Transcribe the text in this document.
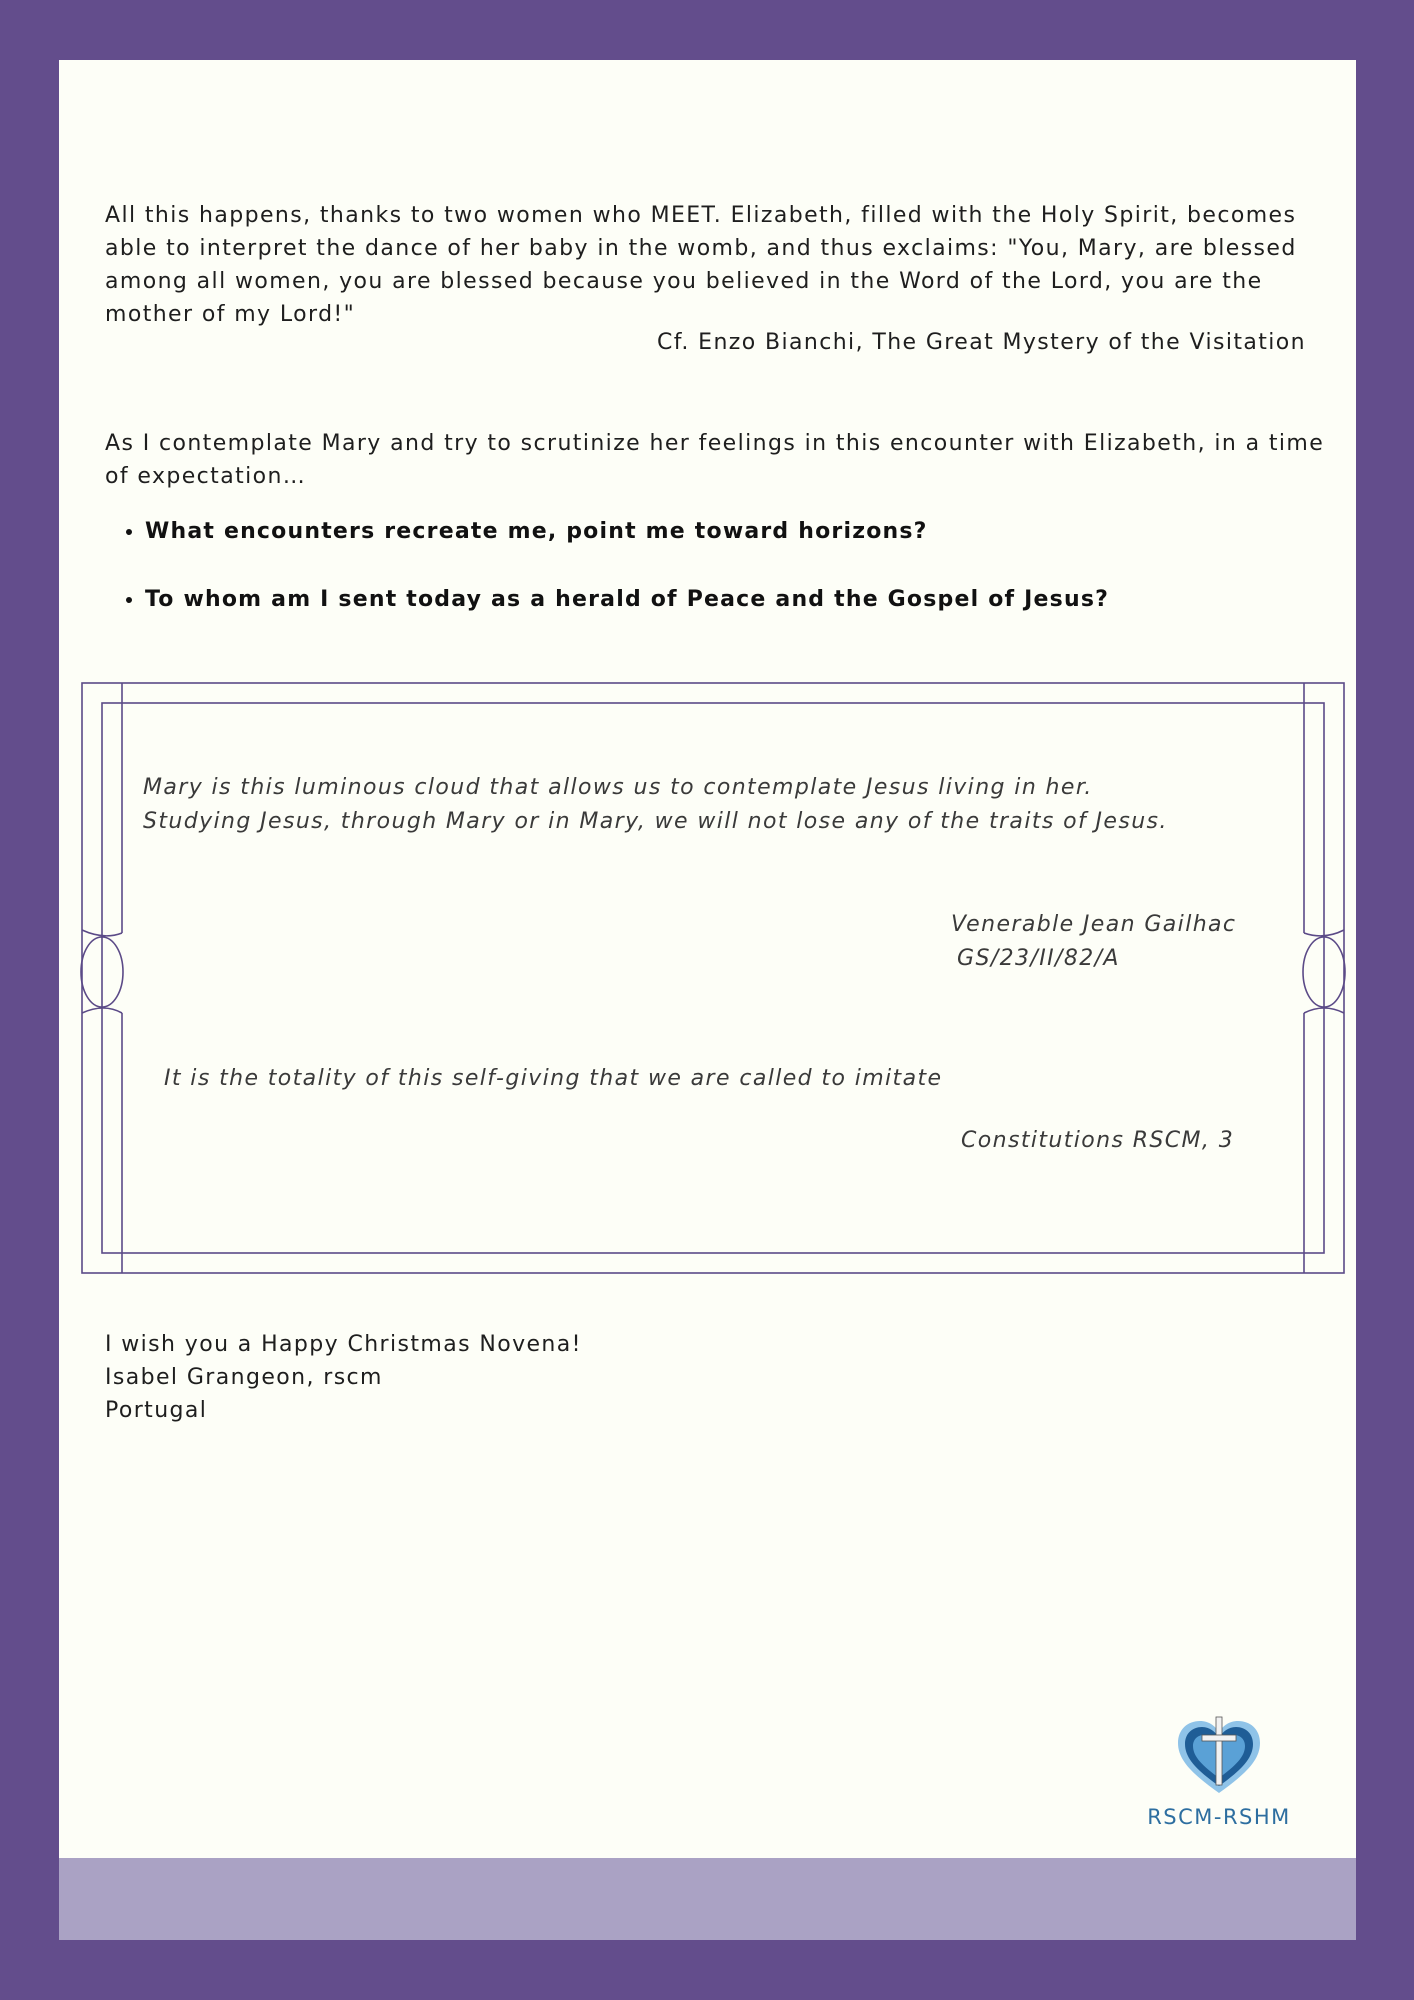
All this happens, thanks to two women who MEET. Elizabeth, filled with the Holy Spirit, becomes able to interpret the dance of her baby in the womb, and thus exclaims: "You, Mary, are blessed among all women, you are blessed because you believed in the Word of the Lord, you are the mother of my Lord!"

Cf. Enzo Bianchi, The Great Mystery of the Visitation

As I contemplate Mary and try to scrutinize her feelings in this encounter with Elizabeth, in a time of expectation…

• What encounters recreate me, point me toward horizons?
• To whom am I sent today as a herald of Peace and the Gospel of Jesus?

Mary is this luminous cloud that allows us to contemplate Jesus living in her.

Studying Jesus, through Mary or in Mary, we will not lose any of the traits of Jesus.

Venerable Jean Gailhac

GS/23/II/82/A

It is the totality of this self-giving that we are called to imitate

Constitutions RSCM, 3

I wish you a Happy Christmas Novena!
Isabel Grangeon, rscm
Portugal
RSCM-RSHM
